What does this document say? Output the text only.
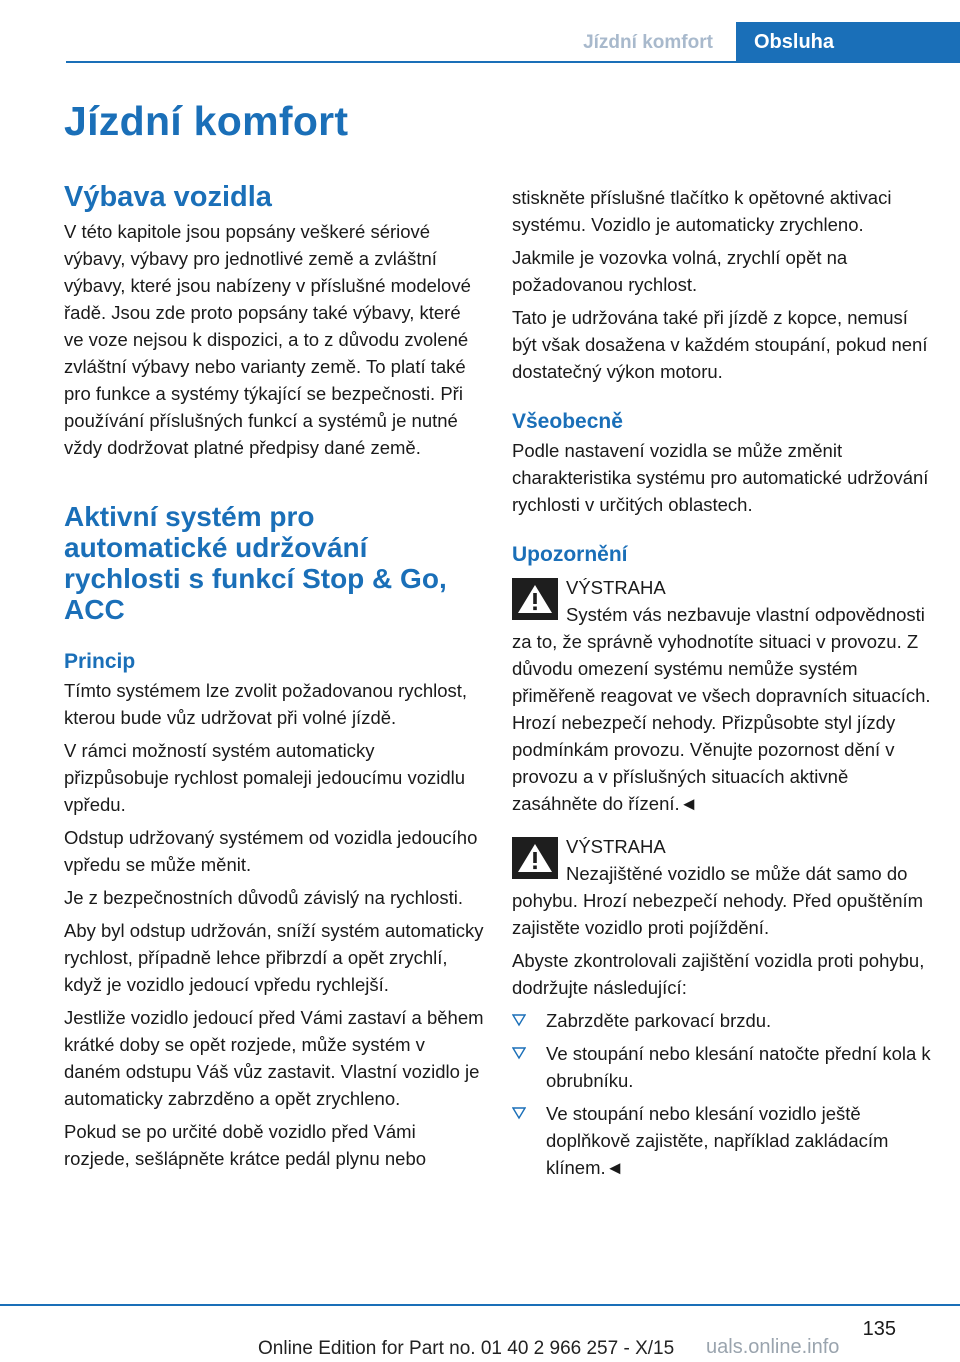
Jízdní komfort	Obsluha
Jízdní komfort
Výbava vozidla

V této kapitole jsou popsány veškeré sériové výbavy, výbavy pro jednotlivé země a zvláštní výbavy, které jsou nabízeny v příslušné modelové řadě. Jsou zde proto popsány také výbavy, které ve voze nejsou k dispozici, a to z důvodu zvolené zvláštní výbavy nebo varianty země. To platí také pro funkce a systémy týkající se bezpečnosti. Při používání příslušných funkcí a systémů je nutné vždy dodržovat platné předpisy dané země.

Aktivní systém pro automatické udržování rychlosti s funkcí Stop & Go, ACC
Princip

Tímto systémem lze zvolit požadovanou rychlost, kterou bude vůz udržovat při volné jízdě.

V rámci možností systém automaticky přizpůsobuje rychlost pomaleji jedoucímu vozidlu vpředu.

Odstup udržovaný systémem od vozidla jedoucího vpředu se může měnit.

Je z bezpečnostních důvodů závislý na rychlosti.

Aby byl odstup udržován, sníží systém automaticky rychlost, případně lehce přibrzdí a opět zrychlí, když je vozidlo jedoucí vpředu rychlejší.

Jestliže vozidlo jedoucí před Vámi zastaví a během krátké doby se opět rozjede, může systém v daném odstupu Váš vůz zastavit. Vlastní vozidlo je automaticky zabrzděno a opět zrychleno.

Pokud se po určité době vozidlo před Vámi rozjede, sešlápněte krátce pedál plynu nebo

stiskněte příslušné tlačítko k opětovné aktivaci systému. Vozidlo je automaticky zrychleno.

Jakmile je vozovka volná, zrychlí opět na požadovanou rychlost.

Tato je udržována také při jízdě z kopce, nemusí být však dosažena v každém stoupání, pokud není dostatečný výkon motoru.

Všeobecně

Podle nastavení vozidla se může změnit charakteristika systému pro automatické udržování rychlosti v určitých oblastech.

Upozornění
VÝSTRAHA

Systém vás nezbavuje vlastní odpovědnosti za to, že správně vyhodnotíte situaci v provozu. Z důvodu omezení systému nemůže systém přiměřeně reagovat ve všech dopravních situacích. Hrozí nebezpečí nehody. Přizpůsobte styl jízdy podmínkám provozu. Věnujte pozornost dění v provozu a v příslušných situacích aktivně zasáhněte do řízení.◄

VÝSTRAHA

Nezajištěné vozidlo se může dát samo do pohybu. Hrozí nebezpečí nehody. Před opuštěním zajistěte vozidlo proti pojíždění.

Abyste zkontrolovali zajištění vozidla proti pohybu, dodržujte následující:

Zabrzděte parkovací brzdu.
Ve stoupání nebo klesání natočte přední kola k obrubníku.
Ve stoupání nebo klesání vozidlo ještě doplňkově zajistěte, například zakládacím klínem.◄
135
Online Edition for Part no. 01 40 2 966 257 - X/15 uals.online.info
